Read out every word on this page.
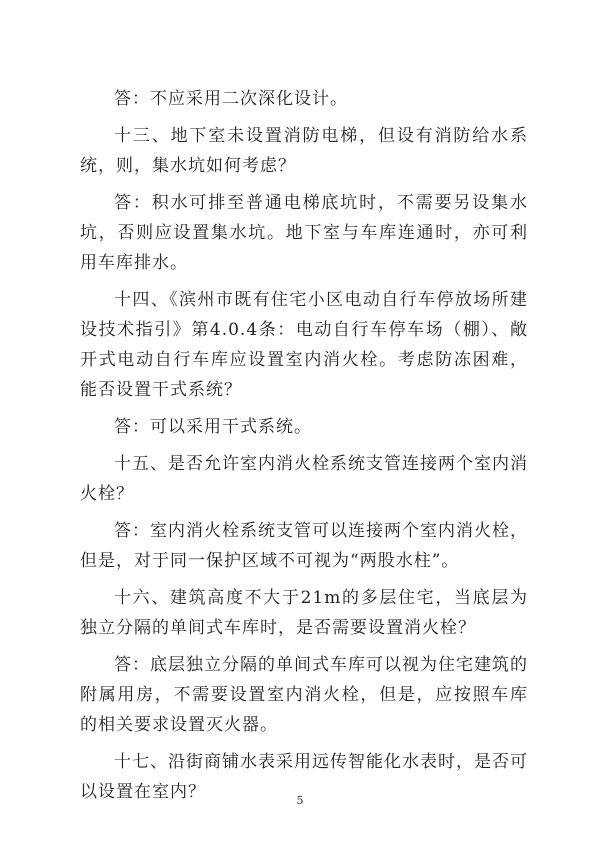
答：不应采用二次深化设计。

十三、地下室未设置消防电梯，但设有消防给水系统，则，集水坑如何考虑？

答：积水可排至普通电梯底坑时，不需要另设集水坑，否则应设置集水坑。地下室与车库连通时，亦可利用车库排水。

十四、《滨州市既有住宅小区电动自行车停放场所建设技术指引》第4.0.4条：电动自行车停车场（棚）、敞开式电动自行车库应设置室内消火栓。考虑防冻困难，能否设置干式系统？

答：可以采用干式系统。

十五、是否允许室内消火栓系统支管连接两个室内消火栓？

答：室内消火栓系统支管可以连接两个室内消火栓，但是，对于同一保护区域不可视为“两股水柱”。

十六、建筑高度不大于21m的多层住宅，当底层为独立分隔的单间式车库时，是否需要设置消火栓？

答：底层独立分隔的单间式车库可以视为住宅建筑的附属用房，不需要设置室内消火栓，但是，应按照车库的相关要求设置灭火器。

十七、沿街商铺水表采用远传智能化水表时，是否可以设置在室内？	5
